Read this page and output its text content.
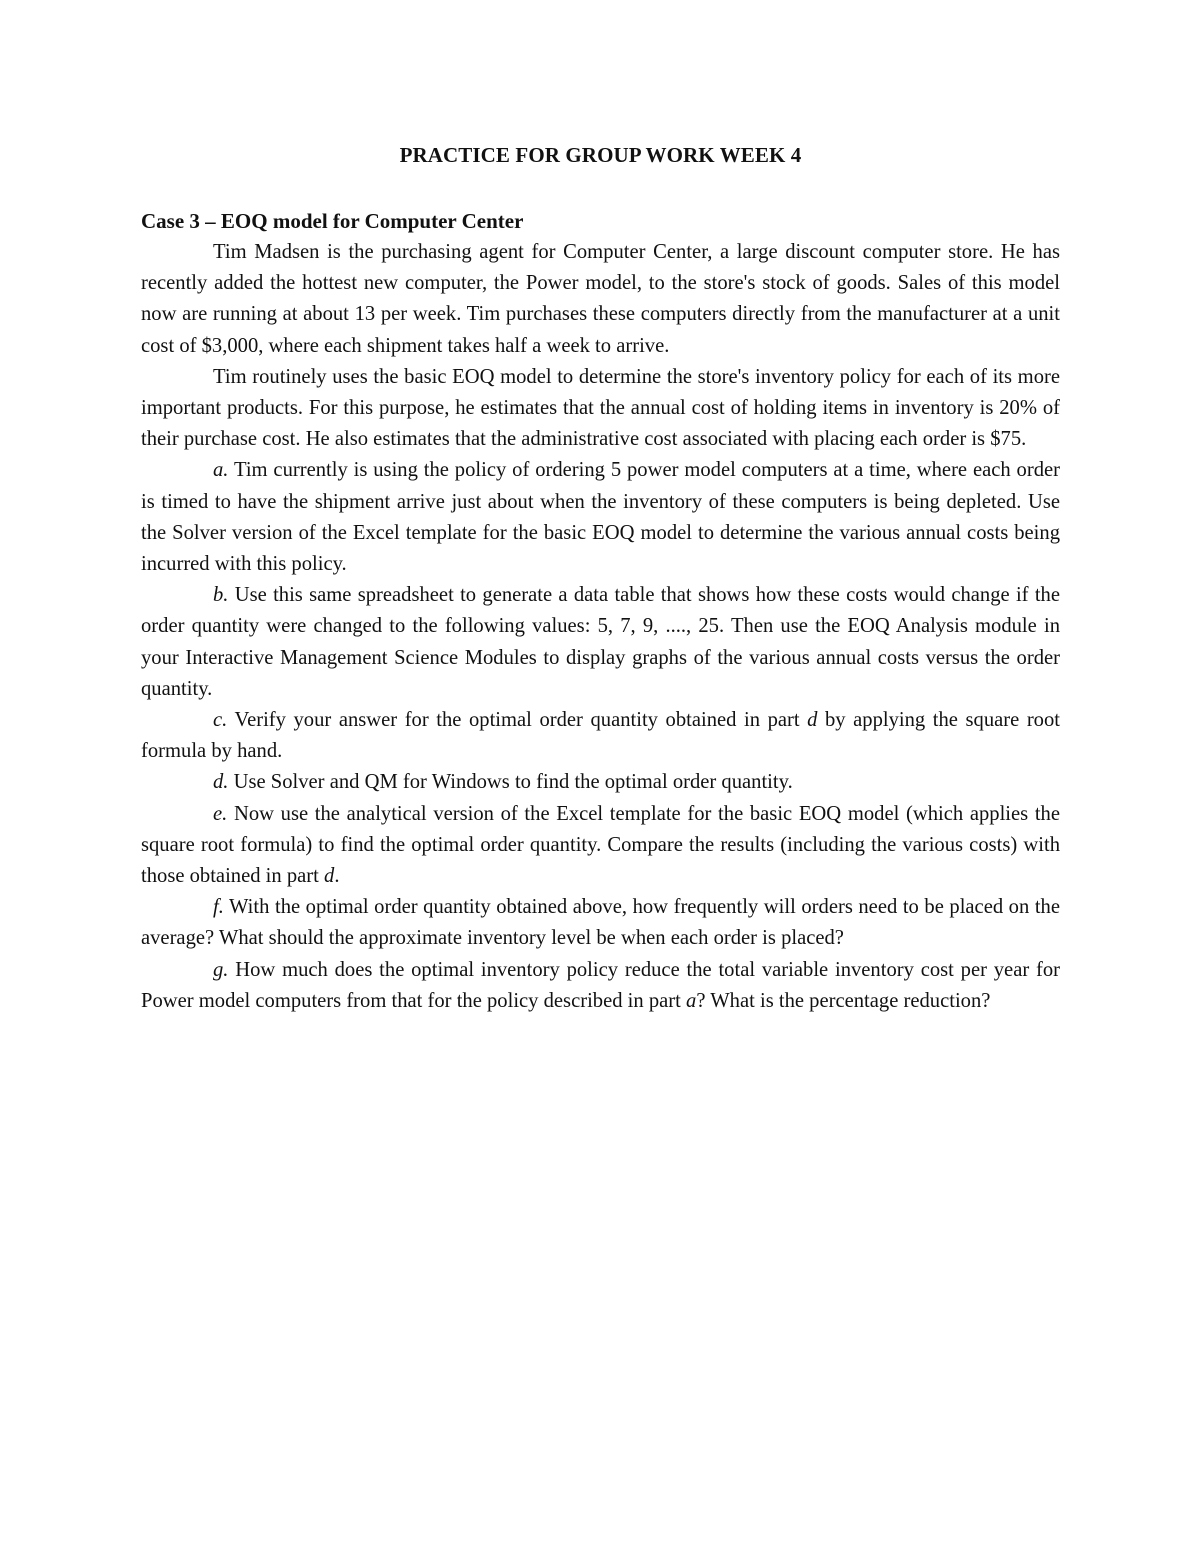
PRACTICE FOR GROUP WORK WEEK 4
Case 3 – EOQ model for Computer Center

Tim Madsen is the purchasing agent for Computer Center, a large discount computer store. He has recently added the hottest new computer, the Power model, to the store's stock of goods. Sales of this model now are running at about 13 per week. Tim purchases these computers directly from the manufacturer at a unit cost of $3,000, where each shipment takes half a week to arrive.

Tim routinely uses the basic EOQ model to determine the store's inventory policy for each of its more important products. For this purpose, he estimates that the annual cost of holding items in inventory is 20% of their purchase cost. He also estimates that the administrative cost associated with placing each order is $75.

a. Tim currently is using the policy of ordering 5 power model computers at a time, where each order is timed to have the shipment arrive just about when the inventory of these computers is being depleted. Use the Solver version of the Excel template for the basic EOQ model to determine the various annual costs being incurred with this policy.

b. Use this same spreadsheet to generate a data table that shows how these costs would change if the order quantity were changed to the following values: 5, 7, 9, ...., 25. Then use the EOQ Analysis module in your Interactive Management Science Modules to display graphs of the various annual costs versus the order quantity.

c. Verify your answer for the optimal order quantity obtained in part d by applying the square root formula by hand.

d. Use Solver and QM for Windows to find the optimal order quantity.

e. Now use the analytical version of the Excel template for the basic EOQ model (which applies the square root formula) to find the optimal order quantity. Compare the results (including the various costs) with those obtained in part d.

f. With the optimal order quantity obtained above, how frequently will orders need to be placed on the average? What should the approximate inventory level be when each order is placed?

g. How much does the optimal inventory policy reduce the total variable inventory cost per year for Power model computers from that for the policy described in part a? What is the percentage reduction?
